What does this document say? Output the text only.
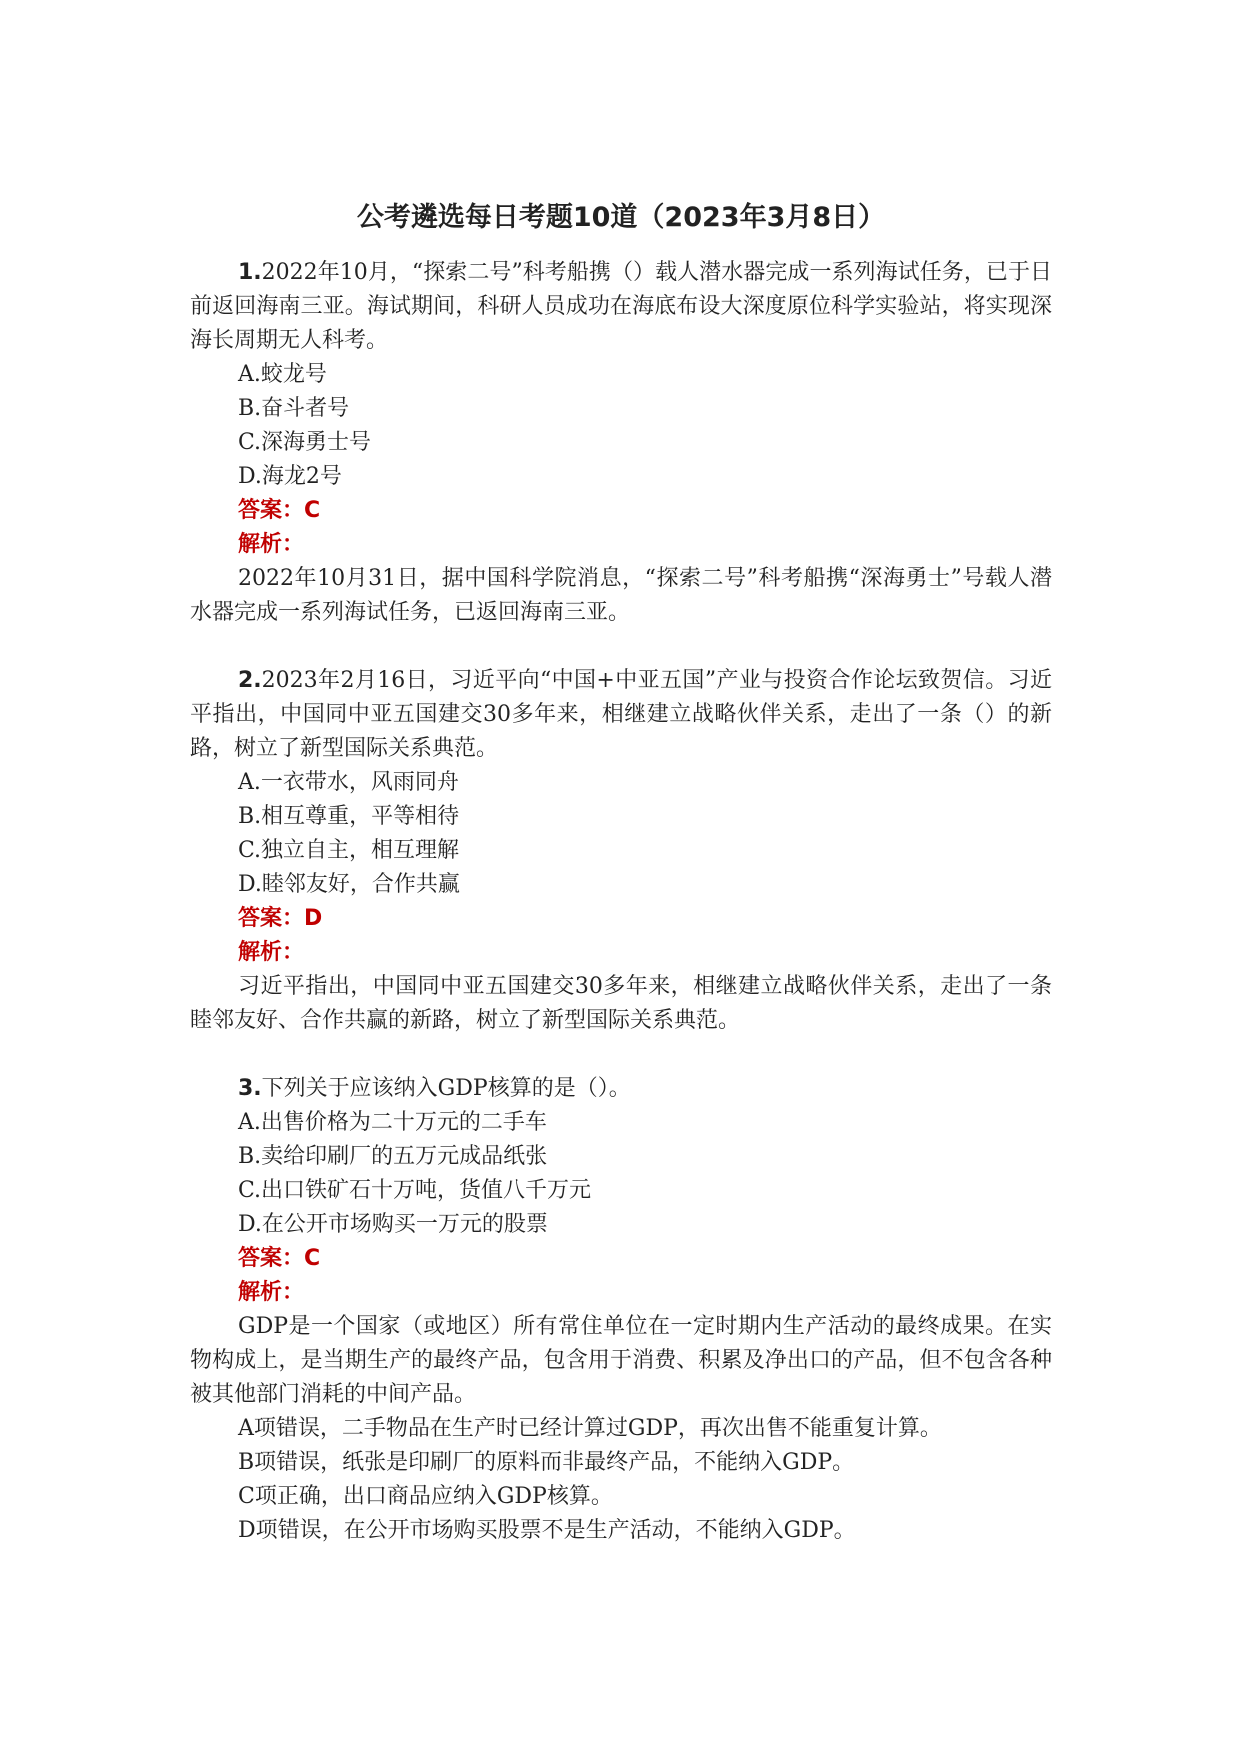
公考遴选每日考题10道（2023年3月8日）

1.2022年10月，“探索二号”科考船携（）载人潜水器完成一系列海试任务，已于日前返回海南三亚。海试期间，科研人员成功在海底布设大深度原位科学实验站，将实现深海长周期无人科考。

A.蛟龙号

B.奋斗者号

C.深海勇士号

D.海龙2号

答案：C

解析：

2022年10月31日，据中国科学院消息，“探索二号”科考船携“深海勇士”号载人潜水器完成一系列海试任务，已返回海南三亚。

2.2023年2月16日，习近平向“中国+中亚五国”产业与投资合作论坛致贺信。习近平指出，中国同中亚五国建交30多年来，相继建立战略伙伴关系，走出了一条（）的新路，树立了新型国际关系典范。

A.一衣带水，风雨同舟

B.相互尊重，平等相待

C.独立自主，相互理解

D.睦邻友好，合作共赢

答案：D

解析：

习近平指出，中国同中亚五国建交30多年来，相继建立战略伙伴关系，走出了一条睦邻友好、合作共赢的新路，树立了新型国际关系典范。

3.下列关于应该纳入GDP核算的是（）。

A.出售价格为二十万元的二手车

B.卖给印刷厂的五万元成品纸张

C.出口铁矿石十万吨，货值八千万元

D.在公开市场购买一万元的股票

答案：C

解析：

GDP是一个国家（或地区）所有常住单位在一定时期内生产活动的最终成果。在实物构成上，是当期生产的最终产品，包含用于消费、积累及净出口的产品，但不包含各种被其他部门消耗的中间产品。

A项错误，二手物品在生产时已经计算过GDP，再次出售不能重复计算。

B项错误，纸张是印刷厂的原料而非最终产品，不能纳入GDP。

C项正确，出口商品应纳入GDP核算。

D项错误，在公开市场购买股票不是生产活动，不能纳入GDP。
